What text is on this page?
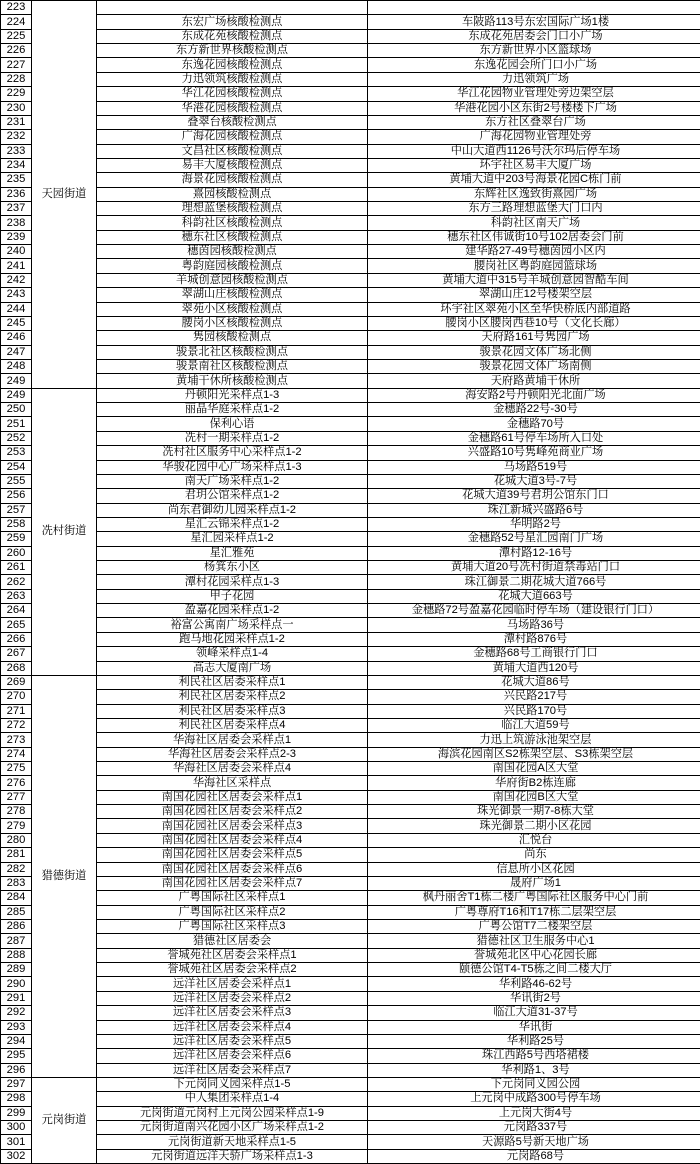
223	天园街道		
224		东宏广场核酸检测点	车陂路113号东宏国际广场1楼
225		东成花苑核酸检测点	东成花苑居委会门口小广场
226		东方新世界核酸检测点	东方新世界小区篮球场
227		东逸花园核酸检测点	东逸花园会所门口小广场
228		力迅领筑核酸检测点	力迅领筑广场
229		华江花园核酸检测点	华江花园物业管理处旁边架空层
230		华港花园核酸检测点	华港花园小区东街2号楼楼下广场
231		叠翠台核酸检测点	东方社区叠翠台广场
232		广海花园核酸检测点	广海花园物业管理处旁
233		文昌社区核酸检测点	中山大道西1126号沃尔玛后停车场
234		易丰大厦核酸检测点	环宇社区易丰大厦广场
235		海景花园核酸检测点	黄埔大道中203号海景花园C栋门前
236		熹园核酸检测点	东辉社区逸致街熹园广场
237		理想蓝堡核酸检测点	东方三路理想蓝堡大门口内
238		科韵社区核酸检测点	科韵社区南天广场
239		穗东社区核酸检测点	穗东社区伟诚街10号102居委会门前
240		穗茵园核酸检测点	建华路27-49号穗茵园小区内
241		粤韵庭园核酸检测点	腰岗社区粤韵庭园篮球场
242		羊城创意园核酸检测点	黄埔大道中315号羊城创意园智酷车间
243		翠湖山庄核酸检测点	翠湖山庄12号楼架空层
244		翠苑小区核酸检测点	环宇社区翠苑小区至华快桥底内部道路
245		腰岗小区核酸检测点	腰岗小区腰岗西巷10号（文化长廊）
246		隽园核酸检测点	天府路161号隽园广场
247		骏景北社区核酸检测点	骏景花园文体广场北侧
248		骏景南社区核酸检测点	骏景花园文体广场南侧
249		黄埔干休所核酸检测点	天府路黄埔干休所
249	冼村街道	丹顿阳光采样点1-3	海安路2号丹顿阳光北面广场
250		丽晶华庭采样点1-2	金穗路22号-30号
251		保利心语	金穗路70号
252		冼村一期采样点1-2	金穗路61号停车场所入口处
253		冼村社区服务中心采样点1-2	兴盛路10号隽峰苑商业广场
254		华骏花园中心广场采样点1-3	马场路519号
255		南天广场采样点1-2	花城大道3号-7号
256		君玥公馆采样点1-2	花城大道39号君玥公馆东门口
257		尚东君御幼儿园采样点1-2	珠江新城兴盛路6号
258		星汇云锦采样点1-2	华明路2号
259		星汇园采样点1-2	金穗路52号星汇园南门广场
260		星汇雅苑	潭村路12-16号
261		杨箕东小区	黄埔大道20号冼村街道禁毒站门口
262		潭村花园采样点1-3	珠江御景二期花城大道766号
263		甲子花园	花城大道663号
264		盈嘉花园采样点1-2	金穗路72号盈嘉花园临时停车场（建设银行门口）
265		裕富公寓南广场采样点一	马场路36号
266		跑马地花园采样点1-2	潭村路876号
267		领峰采样点1-4	金穗路68号工商银行门口
268		高志大厦南广场	黄埔大道西120号
269	猎德街道	利民社区居委采样点1	花城大道86号
270		利民社区居委采样点2	兴民路217号
271		利民社区居委采样点3	兴民路170号
272		利民社区居委采样点4	临江大道59号
273		华海社区居委会采样点1	力迅上筑游泳池架空层
274		华海社区居委会采样点2-3	海滨花园南区S2栋架空层、S3栋架空层
275		华海社区居委会采样点4	南国花园A区大堂
276		华海社区采样点	华府街B2栋连廊
277		南国花园社区居委会采样点1	南国花园B区大堂
278		南国花园社区居委会采样点2	珠光御景一期7-8栋大堂
279		南国花园社区居委会采样点3	珠光御景二期小区花园
280		南国花园社区居委会采样点4	汇悦台
281		南国花园社区居委会采样点5	尚东
282		南国花园社区居委会采样点6	信息所小区花园
283		南国花园社区居委会采样点7	晟府广场1
284		广粤国际社区采样点1	枫丹丽舍T1栋二楼广粤国际社区服务中心门前
285		广粤国际社区采样点2	广粤尊府T16和T17栋二层架空层
286		广粤国际社区采样点3	广粤公馆T7二楼架空层
287		猎德社区居委会	猎德社区卫生服务中心1
288		誉城苑社区居委会采样点1	誉城苑北区中心花园长廊
289		誉城苑社区居委会采样点2	颐德公馆T4-T5栋之间二楼大厅
290		远洋社区居委会采样点1	华利路46-62号
291		远洋社区居委会采样点2	华讯街2号
292		远洋社区居委会采样点3	临江大道31-37号
293		远洋社区居委会采样点4	华讯街
294		远洋社区居委会采样点5	华利路25号
295		远洋社区居委会采样点6	珠江西路5号西塔裙楼
296		远洋社区居委会采样点7	华利路1、3号
297	元岗街道	下元岗同义园采样点1-5	下元岗同义园公园
298		中人集团采样点1-4	上元岗中成路300号停车场
299		元岗街道元岗村上元岗公园采样点1-9	上元岗大街4号
300		元岗街道南兴花园小区广场采样点1-2	元岗路337号
301		元岗街道新天地采样点1-5	天源路5号新天地广场
302		元岗街道远洋天骄广场采样点1-3	元岗路68号
